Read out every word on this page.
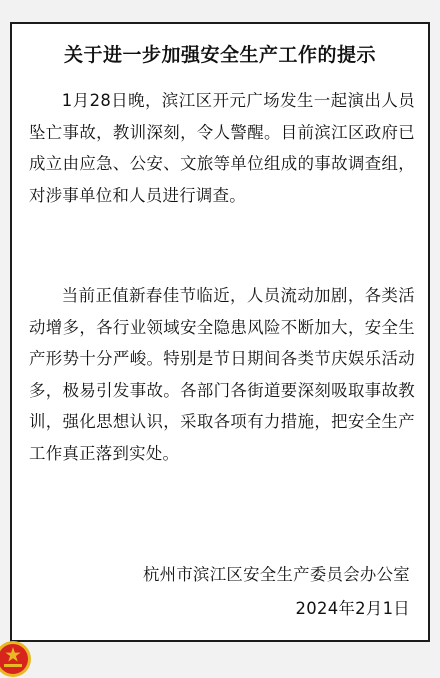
关于进一步加强安全生产工作的提示

1月28日晚，滨江区开元广场发生一起演出人员坠亡事故，教训深刻，令人警醒。目前滨江区政府已成立由应急、公安、文旅等单位组成的事故调查组，对涉事单位和人员进行调查。

当前正值新春佳节临近，人员流动加剧，各类活动增多，各行业领域安全隐患风险不断加大，安全生产形势十分严峻。特别是节日期间各类节庆娱乐活动多，极易引发事故。各部门各街道要深刻吸取事故教训，强化思想认识，采取各项有力措施，把安全生产工作真正落到实处。

杭州市滨江区安全生产委员会办公室
2024年2月1日
